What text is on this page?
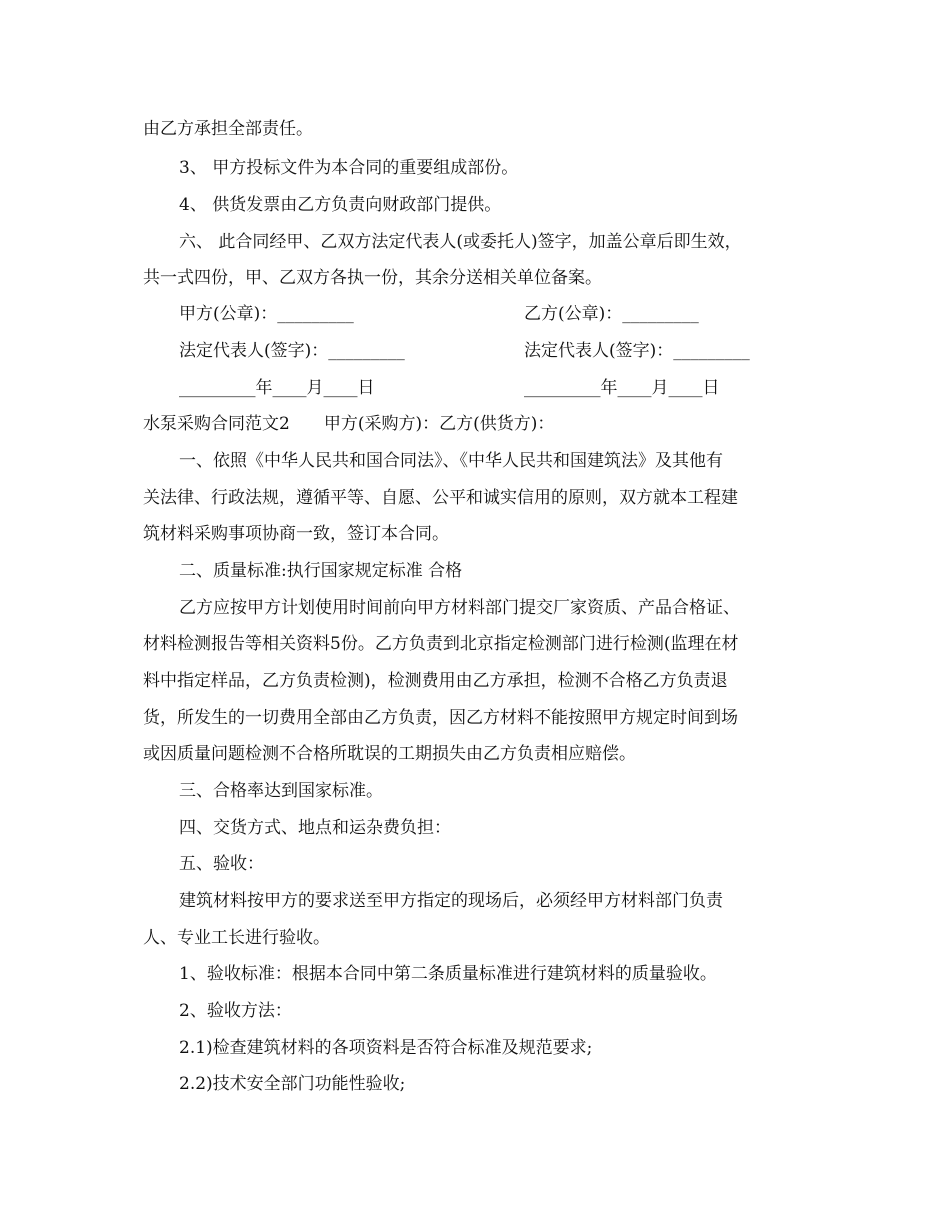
由乙方承担全部责任。
3、 甲方投标文件为本合同的重要组成部份。
4、 供货发票由乙方负责向财政部门提供。
六、 此合同经甲、乙双方法定代表人(或委托人)签字，加盖公章后即生效，
共一式四份，甲、乙双方各执一份，其余分送相关单位备案。
甲方(公章)：_________	乙方(公章)：_________
法定代表人(签字)：_________	法定代表人(签字)：_________
_________年____月____日	_________年____月____日
水泵采购合同范文2　　甲方(采购方)：乙方(供货方)：
一、依照《中华人民共和国合同法》、《中华人民共和国建筑法》及其他有
关法律、行政法规，遵循平等、自愿、公平和诚实信用的原则，双方就本工程建
筑材料采购事项协商一致，签订本合同。
二、质量标准:执行国家规定标准 合格
乙方应按甲方计划使用时间前向甲方材料部门提交厂家资质、产品合格证、
材料检测报告等相关资料5份。乙方负责到北京指定检测部门进行检测(监理在材
料中指定样品，乙方负责检测)，检测费用由乙方承担，检测不合格乙方负责退
货，所发生的一切费用全部由乙方负责，因乙方材料不能按照甲方规定时间到场
或因质量问题检测不合格所耽误的工期损失由乙方负责相应赔偿。
三、合格率达到国家标准。
四、交货方式、地点和运杂费负担：
五、验收：
建筑材料按甲方的要求送至甲方指定的现场后，必须经甲方材料部门负责
人、专业工长进行验收。
1、验收标准：根据本合同中第二条质量标准进行建筑材料的质量验收。
2、验收方法：
2.1)检查建筑材料的各项资料是否符合标准及规范要求;
2.2)技术安全部门功能性验收;
